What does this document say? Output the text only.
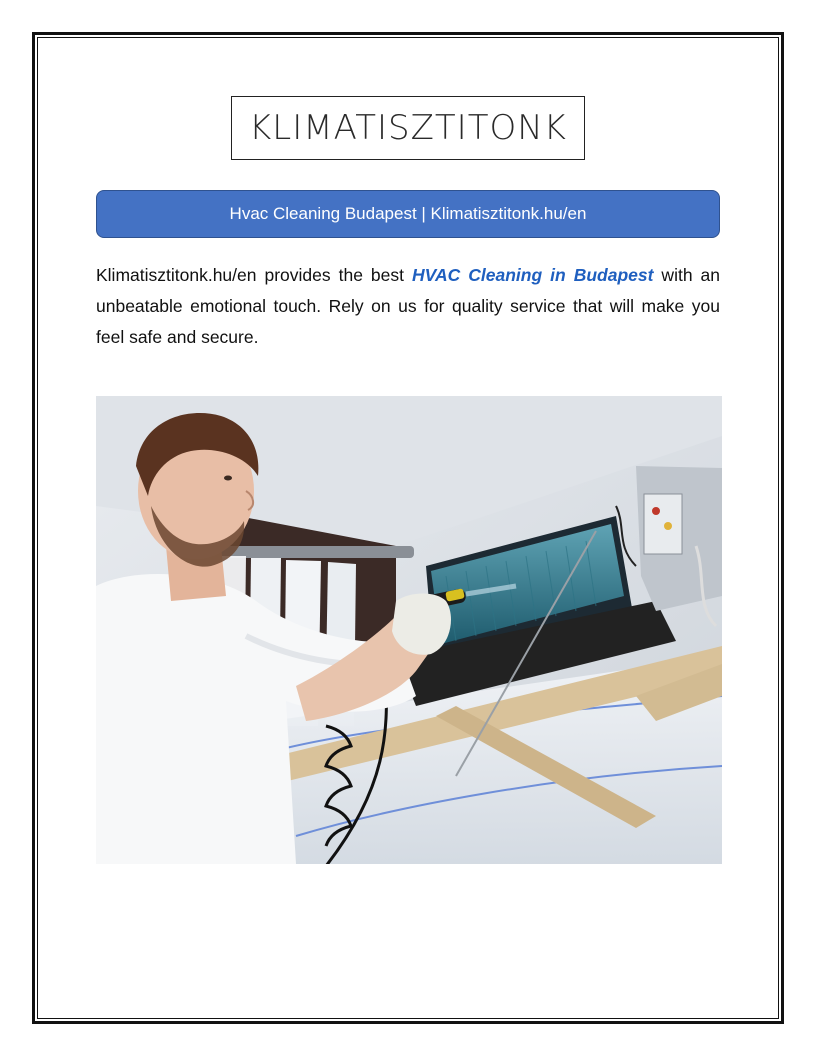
KLIMATISZTITONK
Hvac Cleaning Budapest | Klimatisztitonk.hu/en
Klimatisztitonk.hu/en provides the best HVAC Cleaning in Budapest with an unbeatable emotional touch. Rely on us for quality service that will make you feel safe and secure.
